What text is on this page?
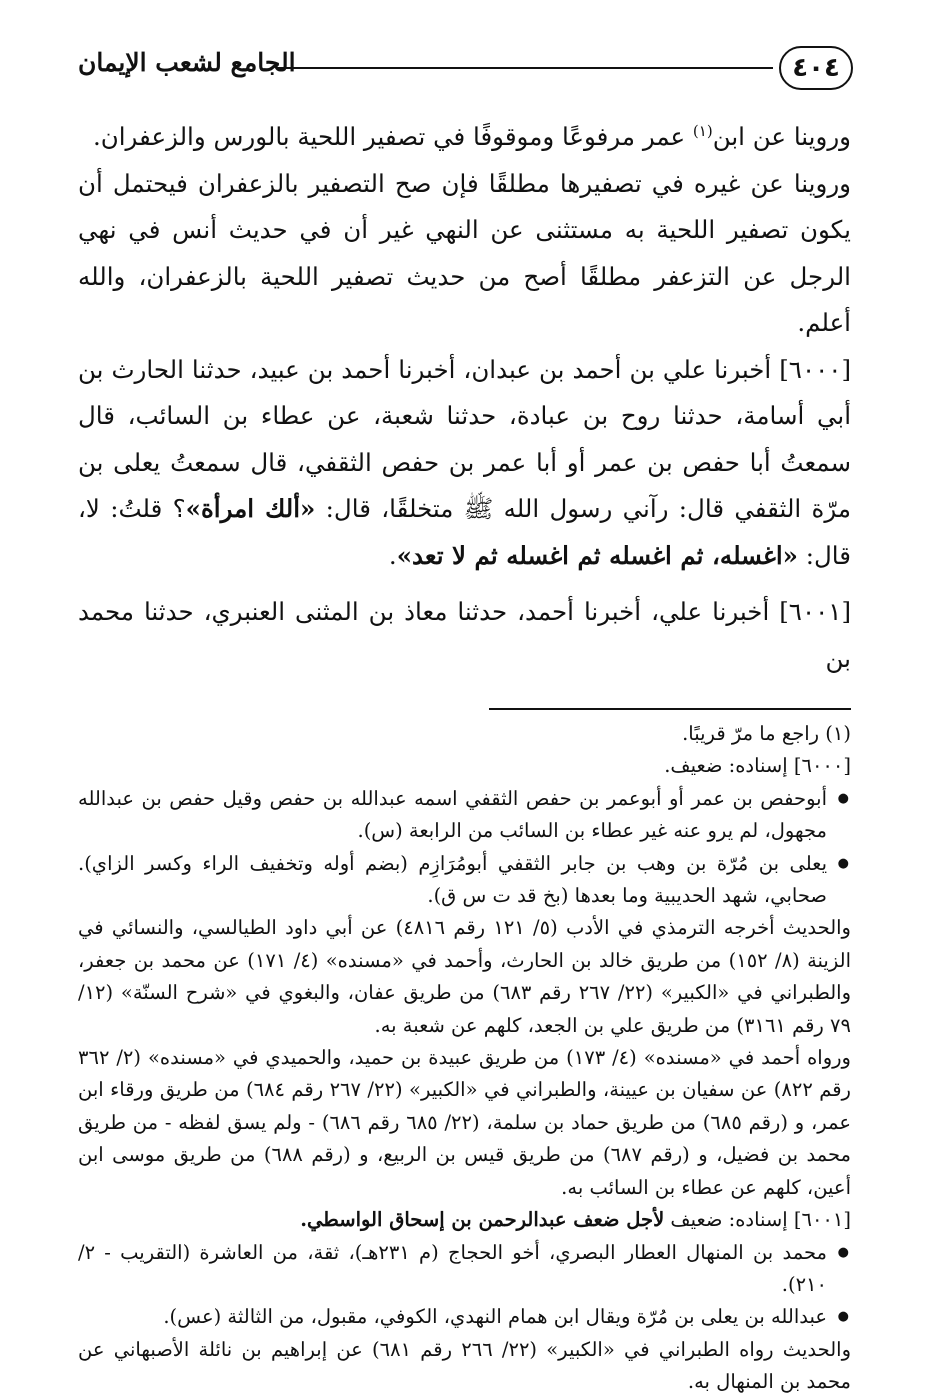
٤٠٤
الجامع لشعب الإيمان

وروينا عن ابن$^{(١)}$ عمر مرفوعًا وموقوفًا في تصفير اللحية بالورس والزعفران.

وروينا عن غيره في تصفيرها مطلقًا فإن صح التصفير بالزعفران فيحتمل أن يكون تصفير اللحية به مستثنى عن النهي غير أن في حديث أنس في نهي الرجل عن التزعفر مطلقًا أصح من حديث تصفير اللحية بالزعفران، والله أعلم.

[٦٠٠٠] أخبرنا علي بن أحمد بن عبدان، أخبرنا أحمد بن عبيد، حدثنا الحارث بن أبي أسامة، حدثنا روح بن عبادة، حدثنا شعبة، عن عطاء بن السائب، قال سمعتُ أبا حفص بن عمر أو أبا عمر بن حفص الثقفي، قال سمعتُ يعلى بن مرّة الثقفي قال: رآني رسول الله ﷺ متخلقًا، قال: «ألك امرأة»؟ قلتُ: لا، قال: «اغسله، ثم اغسله ثم اغسله ثم لا تعد».

[٦٠٠١] أخبرنا علي، أخبرنا أحمد، حدثنا معاذ بن المثنى العنبري، حدثنا محمد بن

(١) راجع ما مرّ قريبًا.

[٦٠٠٠] إسناده: ضعيف.

● أبوحفص بن عمر أو أبوعمر بن حفص الثقفي اسمه عبدالله بن حفص وقيل حفص بن عبدالله مجهول، لم يرو عنه غير عطاء بن السائب من الرابعة (س).

● يعلى بن مُرّة بن وهب بن جابر الثقفي أبومُرَازِم (بضم أوله وتخفيف الراء وكسر الزاي). صحابي، شهد الحديبية وما بعدها (بخ قد ت س ق).

والحديث أخرجه الترمذي في الأدب (٥/ ١٢١ رقم ٤٨١٦) عن أبي داود الطيالسي، والنسائي في الزينة (٨/ ١٥٢) من طريق خالد بن الحارث، وأحمد في «مسنده» (٤/ ١٧١) عن محمد بن جعفر، والطبراني في «الكبير» (٢٢/ ٢٦٧ رقم ٦٨٣) من طريق عفان، والبغوي في «شرح السنّة» (١٢/ ٧٩ رقم ٣١٦١) من طريق علي بن الجعد، كلهم عن شعبة به.

ورواه أحمد في «مسنده» (٤/ ١٧٣) من طريق عبيدة بن حميد، والحميدي في «مسنده» (٢/ ٣٦٢ رقم ٨٢٢) عن سفيان بن عيينة، والطبراني في «الكبير» (٢٢/ ٢٦٧ رقم ٦٨٤) من طريق ورقاء ابن عمر، و (رقم ٦٨٥) من طريق حماد بن سلمة، (٢٢/ ٦٨٥ رقم ٦٨٦) - ولم يسق لفظه - من طريق محمد بن فضيل، و (رقم ٦٨٧) من طريق قيس بن الربيع، و (رقم ٦٨٨) من طريق موسى ابن أعين، كلهم عن عطاء بن السائب به.

[٦٠٠١] إسناده: ضعيف لأجل ضعف عبدالرحمن بن إسحاق الواسطي.

● محمد بن المنهال العطار البصري، أخو الحجاج (م ٢٣١هـ)، ثقة، من العاشرة (التقريب - ٢/ ٢١٠).

● عبدالله بن يعلى بن مُرّة ويقال ابن همام النهدي، الكوفي، مقبول، من الثالثة (عس).

والحديث رواه الطبراني في «الكبير» (٢٢/ ٢٦٦ رقم ٦٨١) عن إبراهيم بن نائلة الأصبهاني عن محمد بن المنهال به.
